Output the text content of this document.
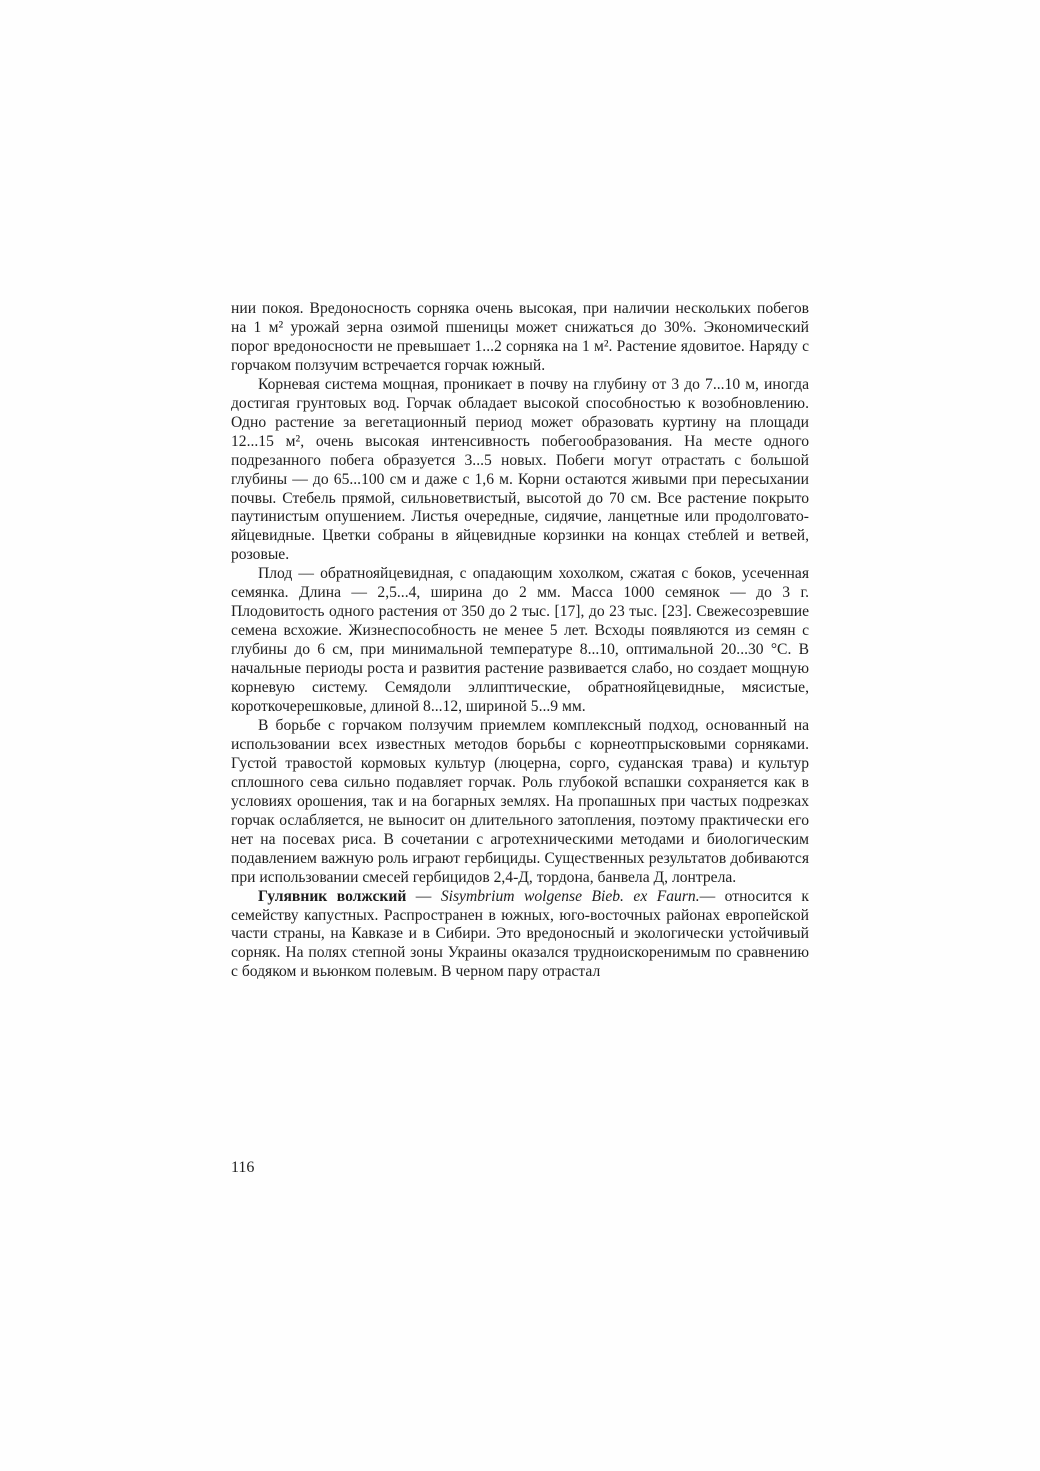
нии покоя. Вредоносность сорняка очень высокая, при наличии нескольких побегов на 1 м² урожай зерна озимой пшеницы может снижаться до 30%. Экономический порог вредоносности не превышает 1...2 сорняка на 1 м². Растение ядовитое. Наряду с горчаком ползучим встречается горчак южный.

Корневая система мощная, проникает в почву на глубину от 3 до 7...10 м, иногда достигая грунтовых вод. Горчак обладает высокой способностью к возобновлению. Одно растение за вегетационный период может образовать куртину на площади 12...15 м², очень высокая интенсивность побегообразования. На месте одного подрезанного побега образуется 3...5 новых. Побеги могут отрастать с большой глубины — до 65...100 см и даже с 1,6 м. Корни остаются живыми при пересыхании почвы. Стебель прямой, сильноветвистый, высотой до 70 см. Все растение покрыто паутинистым опушением. Листья очередные, сидячие, ланцетные или продолговато-яйцевидные. Цветки собраны в яйцевидные корзинки на концах стеблей и ветвей, розовые.

Плод — обратнояйцевидная, с опадающим хохолком, сжатая с боков, усеченная семянка. Длина — 2,5...4, ширина до 2 мм. Масса 1000 семянок — до 3 г. Плодовитость одного растения от 350 до 2 тыс. [17], до 23 тыс. [23]. Свежесозревшие семена всхожие. Жизнеспособность не менее 5 лет. Всходы появляются из семян с глубины до 6 см, при минимальной температуре 8...10, оптимальной 20...30 °С. В начальные периоды роста и развития растение развивается слабо, но создает мощную корневую систему. Семядоли эллиптические, обратнояйцевидные, мясистые, короткочерешковые, длиной 8...12, шириной 5...9 мм.

В борьбе с горчаком ползучим приемлем комплексный подход, основанный на использовании всех известных методов борьбы с корнеотпрысковыми сорняками. Густой травостой кормовых культур (люцерна, сорго, суданская трава) и культур сплошного сева сильно подавляет горчак. Роль глубокой вспашки сохраняется как в условиях орошения, так и на богарных землях. На пропашных при частых подрезках горчак ослабляется, не выносит он длительного затопления, поэтому практически его нет на посевах риса. В сочетании с агротехническими методами и биологическим подавлением важную роль играют гербициды. Существенных результатов добиваются при использовании смесей гербицидов 2,4-Д, тордона, банвела Д, лонтрела.

Гулявник волжский — Sisymbrium wolgense Bieb. ex Faurn.— относится к семейству капустных. Распространен в южных, юго-восточных районах европейской части страны, на Кавказе и в Сибири. Это вредоносный и экологически устойчивый сорняк. На полях степной зоны Украины оказался трудноискоренимым по сравнению с бодяком и вьюнком полевым. В черном пару отрастал

116
